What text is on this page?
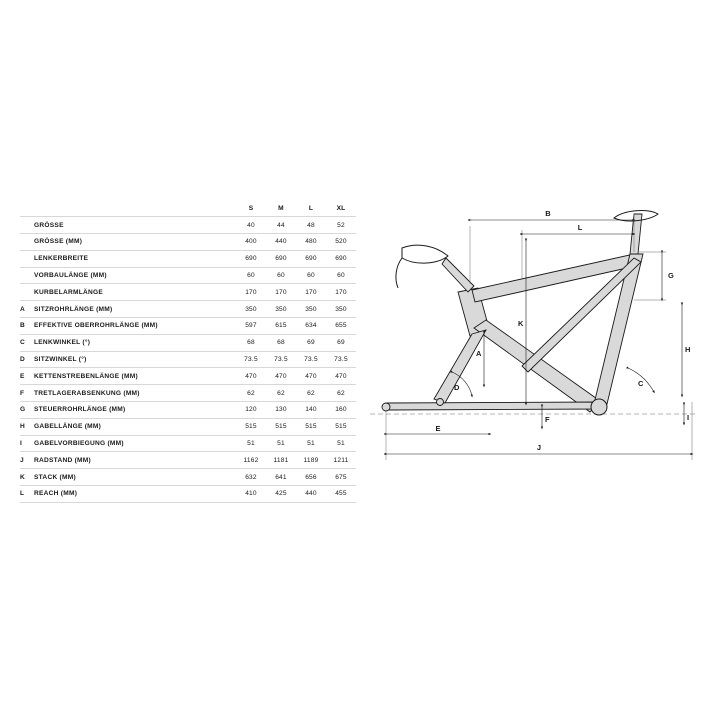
		S	M	L	XL
	GRÖSSE	40	44	48	52
	GRÖSSE (MM)	400	440	480	520
	LENKERBREITE	690	690	690	690
	VORBAULÄNGE (MM)	60	60	60	60
	KURBELARMLÄNGE	170	170	170	170
A	SITZROHRLÄNGE (MM)	350	350	350	350
B	EFFEKTIVE OBERROHRLÄNGE (MM)	597	615	634	655
C	LENKWINKEL (°)	68	68	69	69
D	SITZWINKEL (°)	73.5	73.5	73.5	73.5
E	KETTENSTREBENLÄNGE (MM)	470	470	470	470
F	TRETLAGERABSENKUNG (MM)	62	62	62	62
G	STEUERROHRLÄNGE (MM)	120	130	140	160
H	GABELLÄNGE (MM)	515	515	515	515
I	GABELVORBIEGUNG (MM)	51	51	51	51
J	RADSTAND (MM)	1162	1181	1189	1211
K	STACK (MM)	632	641	656	675
L	REACH (MM)	410	425	440	455
B
L
G
K
H
C
A
D
E
F	I
J
